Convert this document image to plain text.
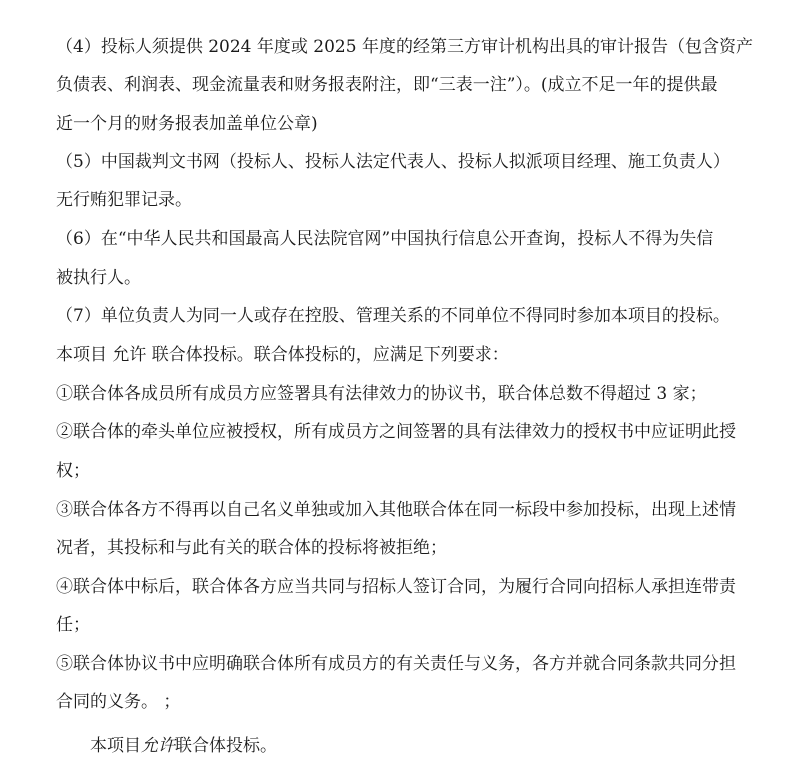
（4）投标人须提供 2024 年度或 2025 年度的经第三方审计机构出具的审计报告（包含资产
负债表、利润表、现金流量表和财务报表附注，即“三表一注”）。(成立不足一年的提供最
近一个月的财务报表加盖单位公章)
（5）中国裁判文书网（投标人、投标人法定代表人、投标人拟派项目经理、施工负责人）
无行贿犯罪记录。
（6）在“中华人民共和国最高人民法院官网”中国执行信息公开查询，投标人不得为失信
被执行人。
（7）单位负责人为同一人或存在控股、管理关系的不同单位不得同时参加本项目的投标。
本项目 允许 联合体投标。联合体投标的，应满足下列要求：
①联合体各成员所有成员方应签署具有法律效力的协议书，联合体总数不得超过 3 家；
②联合体的牵头单位应被授权，所有成员方之间签署的具有法律效力的授权书中应证明此授
权；
③联合体各方不得再以自己名义单独或加入其他联合体在同一标段中参加投标，出现上述情
况者，其投标和与此有关的联合体的投标将被拒绝；
④联合体中标后，联合体各方应当共同与招标人签订合同，为履行合同向招标人承担连带责
任；
⑤联合体协议书中应明确联合体所有成员方的有关责任与义务，各方并就合同条款共同分担
合同的义务。 ；
本项目允许联合体投标。
